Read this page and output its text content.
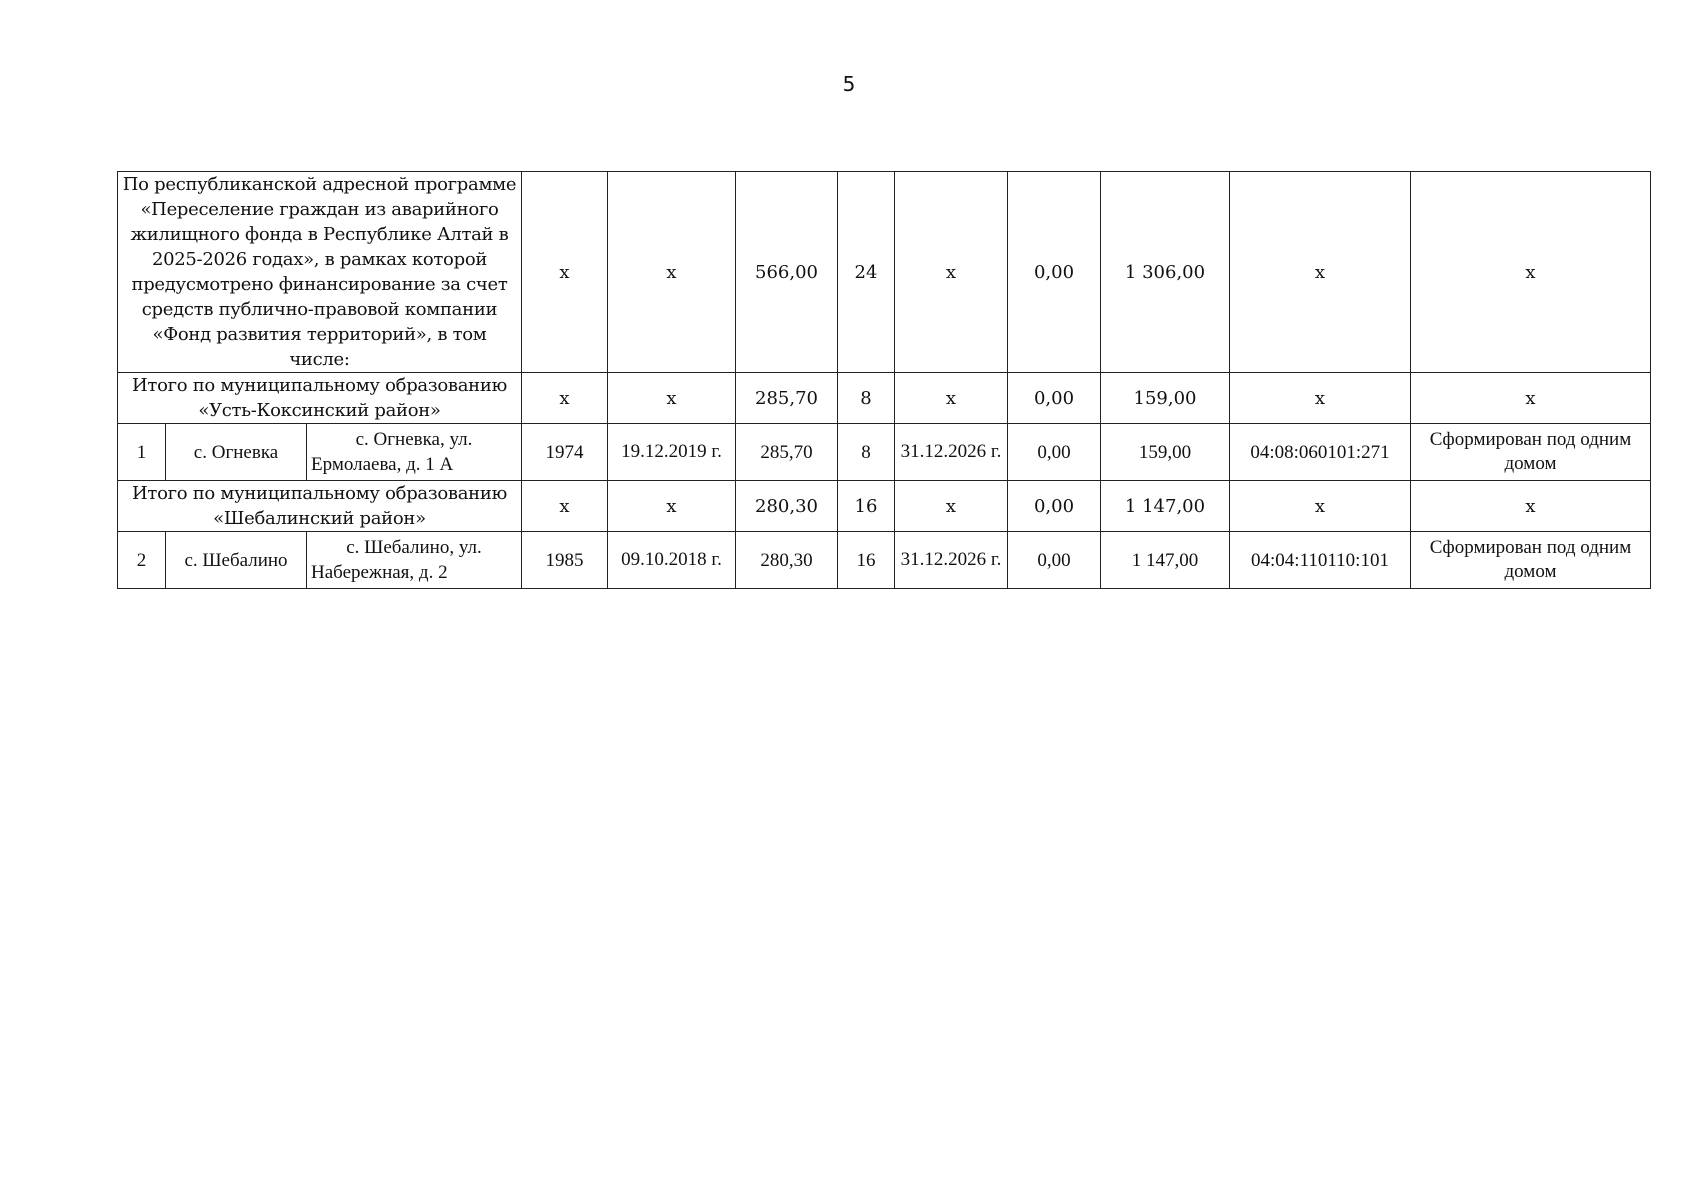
5
По республиканской адресной программе «Переселение граждан из аварийного жилищного фонда в Республике Алтай в 2025-2026 годах», в рамках которой предусмотрено финансирование за счет средств публично-правовой компании «Фонд развития территорий», в том числе:			х	х	566,00	24	х	0,00	1 306,00	х	х
Итого по муниципальному образованию «Усть-Коксинский район»			х	х	285,70	8	х	0,00	159,00	х	х
1	с. Огневка	с. Огневка, ул. Ермолаева, д. 1 А	1974	19.12.2019 г.	285,70	8	31.12.2026 г.	0,00	159,00	04:08:060101:271	Сформирован под одним домом
Итого по муниципальному образованию «Шебалинский район»			х	х	280,30	16	х	0,00	1 147,00	х	х
2	с. Шебалино	с. Шебалино, ул. Набережная, д. 2	1985	09.10.2018 г.	280,30	16	31.12.2026 г.	0,00	1 147,00	04:04:110110:101	Сформирован под одним домом
